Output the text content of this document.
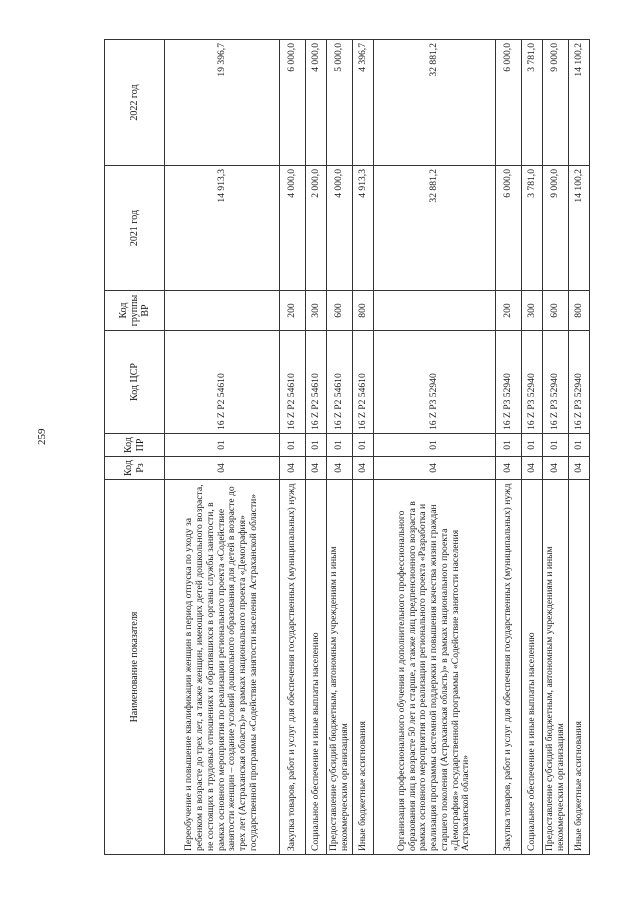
259
Наименование показателя	Код Рз	Код ПР	Код ЦСР	Код группы ВР	2021 год	2022 год
Переобучение и повышение квалификации женщин в период отпуска по уходу за ребенком в возрасте до трех лет, а также женщин, имеющих детей дошкольного возраста, не состоящих в трудовых отношениях и обратившихся в органы службы занятости, в рамках основного мероприятия по реализации регионального проекта «Содействие занятости женщин – создание условий дошкольного образования для детей в возрасте до трех лет (Астраханская область)» в рамках национального проекта «Демография» государственной программы «Содействие занятости населения Астраханской области»	04	01	16 Z P2 54610		14 913,3	19 396,7
Закупка товаров, работ и услуг для обеспечения государственных (муниципальных) нужд	04	01	16 Z P2 54610	200	4 000,0	6 000,0
Социальное обеспечение и иные выплаты населению	04	01	16 Z P2 54610	300	2 000,0	4 000,0
Предоставление субсидий бюджетным, автономным учреждениям и иным некоммерческим организациям	04	01	16 Z P2 54610	600	4 000,0	5 000,0
Иные бюджетные ассигнования	04	01	16 Z P2 54610	800	4 913,3	4 396,7
Организация профессионального обучения и дополнительного профессионального образования лиц в возрасте 50 лет и старше, а также лиц предпенсионного возраста в рамках основного мероприятия по реализации регионального проекта «Разработка и реализация программы системной поддержки и повышения качества жизни граждан старшего поколения (Астраханская область)» в рамках национального проекта «Демография» государственной программы «Содействие занятости населения Астраханской области»	04	01	16 Z P3 52940		32 881,2	32 881,2
Закупка товаров, работ и услуг для обеспечения государственных (муниципальных) нужд	04	01	16 Z P3 52940	200	6 000,0	6 000,0
Социальное обеспечение и иные выплаты населению	04	01	16 Z P3 52940	300	3 781,0	3 781,0
Предоставление субсидий бюджетным, автономным учреждениям и иным некоммерческим организациям	04	01	16 Z P3 52940	600	9 000,0	9 000,0
Иные бюджетные ассигнования	04	01	16 Z P3 52940	800	14 100,2	14 100,2
